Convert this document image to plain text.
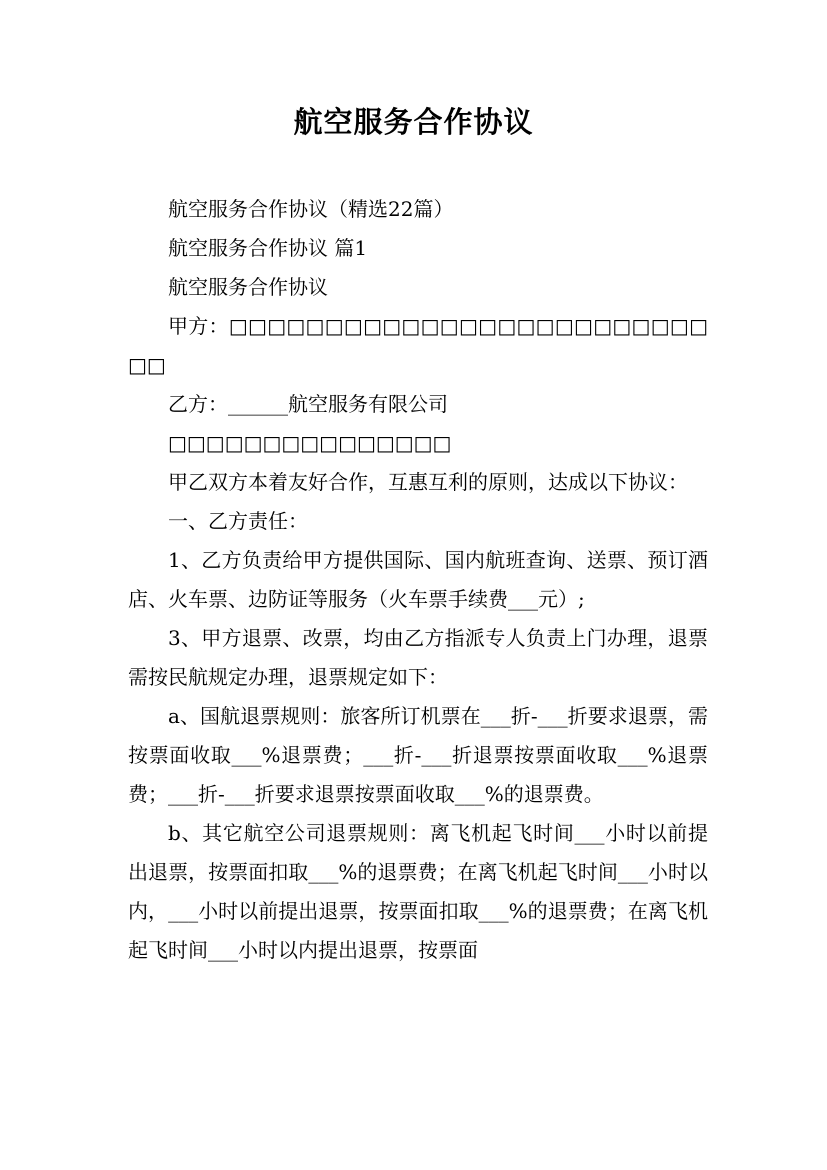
航空服务合作协议

航空服务合作协议（精选22篇）

航空服务合作协议 篇1

航空服务合作协议

甲方：□□□□□□□□□□□□□□□□□□□□□□□□□□□

乙方：______航空服务有限公司

□□□□□□□□□□□□□□□

甲乙双方本着友好合作，互惠互利的原则，达成以下协议：

一、乙方责任：

1、乙方负责给甲方提供国际、国内航班查询、送票、预订酒店、火车票、边防证等服务（火车票手续费___元）;

3、甲方退票、改票，均由乙方指派专人负责上门办理，退票需按民航规定办理，退票规定如下：

a、国航退票规则：旅客所订机票在___折-___折要求退票，需按票面收取___%退票费；___折-___折退票按票面收取___%退票费；___折-___折要求退票按票面收取___%的退票费。

b、其它航空公司退票规则：离飞机起飞时间___小时以前提出退票，按票面扣取___%的退票费；在离飞机起飞时间___小时以内，___小时以前提出退票，按票面扣取___%的退票费；在离飞机起飞时间___小时以内提出退票，按票面
